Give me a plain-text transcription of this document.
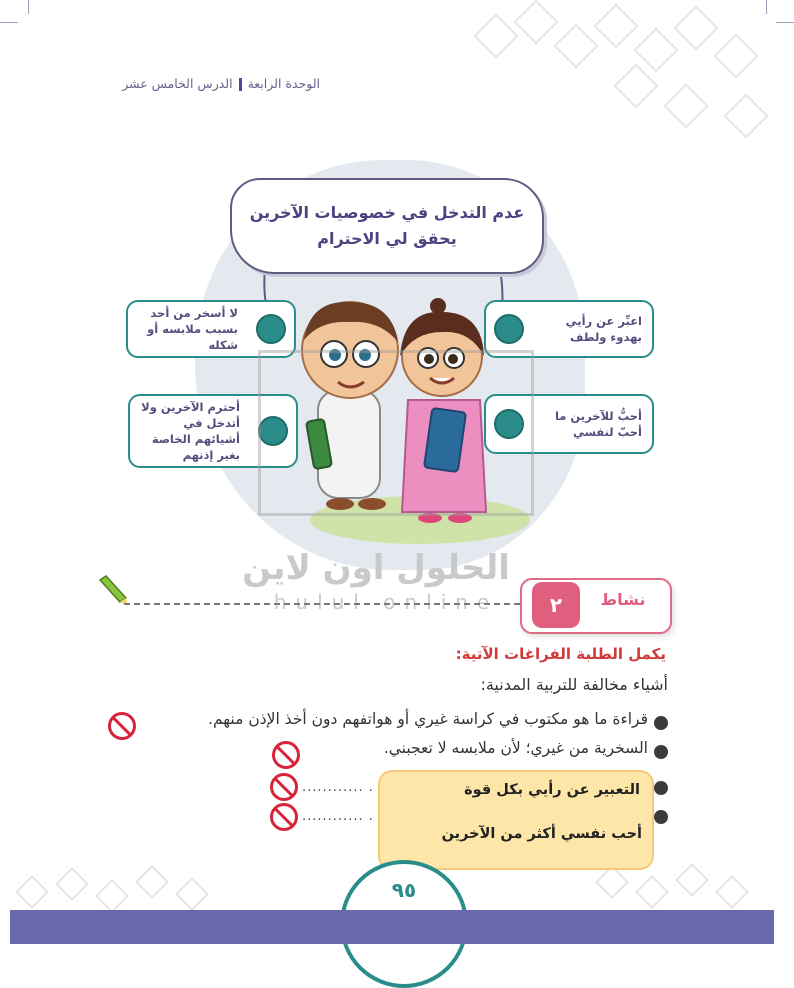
الوحدة الرابعةالدرس الخامس عشر
عدم التدخل في خصوصيات الآخرين
يحقق لي الاحترام
لا أسخر من أحد بسبب ملابسه أو شكله
اعبِّر عن رأيي بهدوء ولطف
أحترم الآخرين ولا أتدخل في أشيائهم الخاصة بغير إذنهم
أحبُّ للآخرين ما أحبّ لنفسي
الحلول اون لاين
hulul online	٢	نشاط
يكمل الطلبة الفراغات الآتية:
أشياء مخالفة للتربية المدنية:
قراءة ما هو مكتوب في كراسة غيري أو هواتفهم دون أخذ الإذن منهم.
السخرية من غيري؛ لأن ملابسه لا تعجبني.
............ .
............ .
التعبير عن رأيي بكل قوة
أحب نفسي أكثر من الآخرين
٩٥
